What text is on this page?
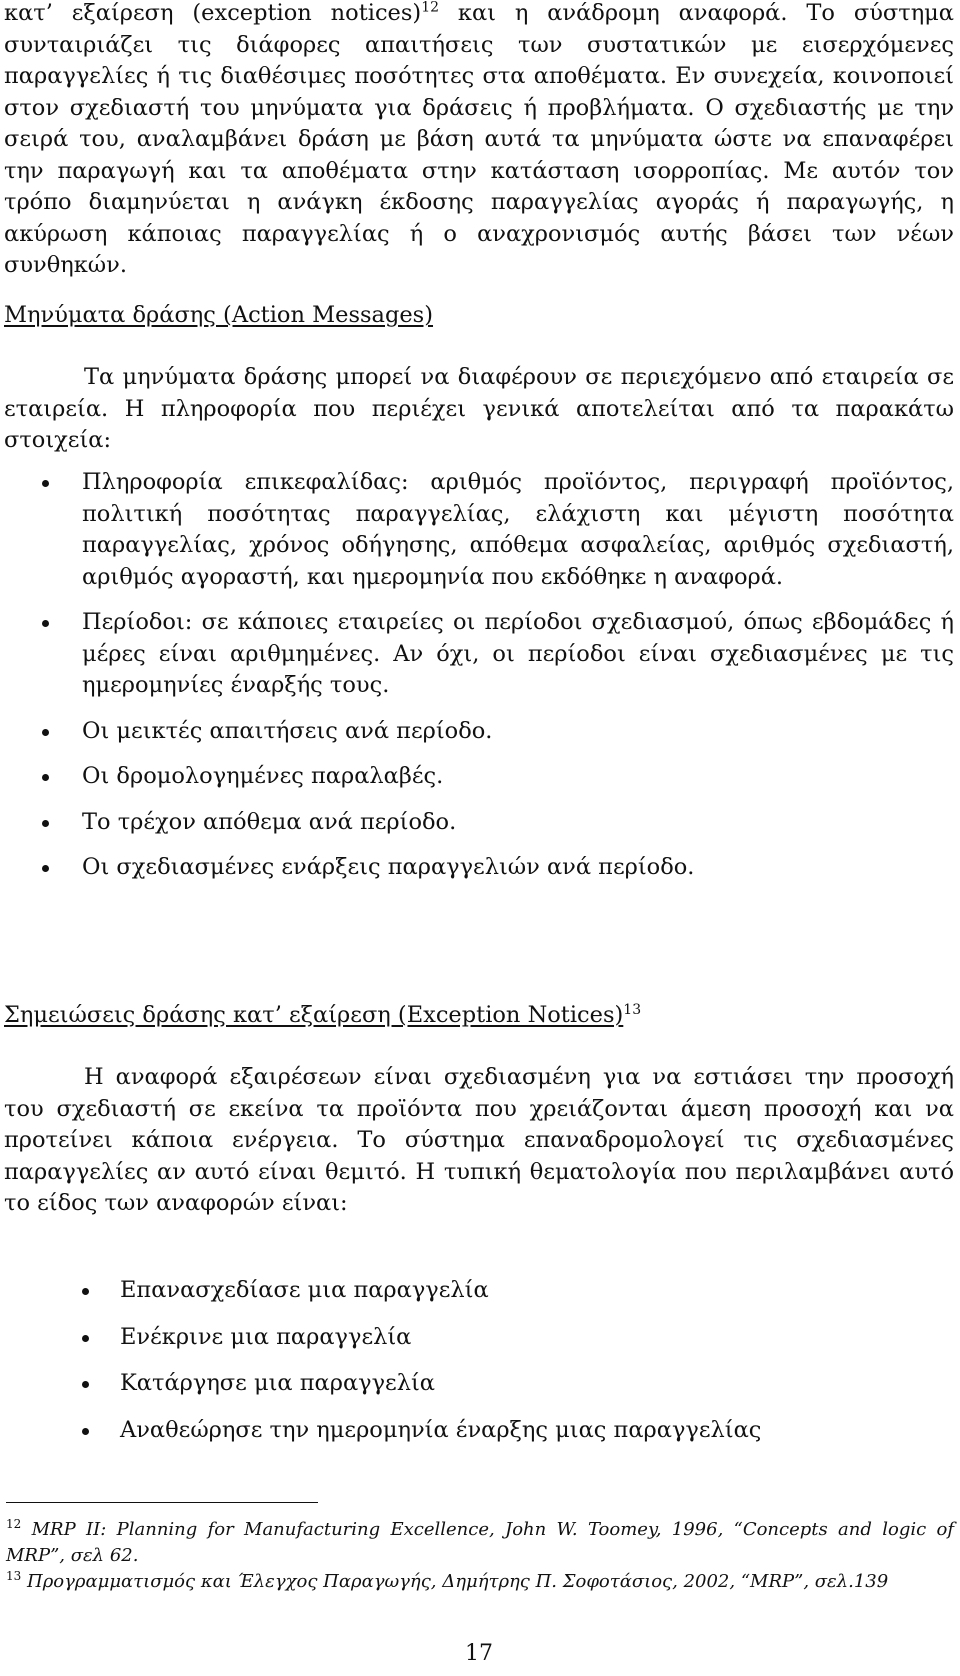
κατ’ εξαίρεση (exception notices)$^{12}$ και η ανάδρομη αναφορά. Το σύστημα συνταιριάζει τις διάφορες απαιτήσεις των συστατικών με εισερχόμενες παραγγελίες ή τις διαθέσιμες ποσότητες στα αποθέματα. Εν συνεχεία, κοινοποιεί στον σχεδιαστή του μηνύματα για δράσεις ή προβλήματα. Ο σχεδιαστής με την σειρά του, αναλαμβάνει δράση με βάση αυτά τα μηνύματα ώστε να επαναφέρει την παραγωγή και τα αποθέματα στην κατάσταση ισορροπίας. Με αυτόν τον τρόπο διαμηνύεται η ανάγκη έκδοσης παραγγελίας αγοράς ή παραγωγής, η ακύρωση κάποιας παραγγελίας ή ο αναχρονισμός αυτής βάσει των νέων συνθηκών.

Μηνύματα δράσης (Action Messages)

Τα μηνύματα δράσης μπορεί να διαφέρουν σε περιεχόμενο από εταιρεία σε εταιρεία. Η πληροφορία που περιέχει γενικά αποτελείται από τα παρακάτω στοιχεία:

Πληροφορία επικεφαλίδας: αριθμός προϊόντος, περιγραφή προϊόντος, πολιτική ποσότητας παραγγελίας, ελάχιστη και μέγιστη ποσότητα παραγγελίας, χρόνος οδήγησης, απόθεμα ασφαλείας, αριθμός σχεδιαστή, αριθμός αγοραστή, και ημερομηνία που εκδόθηκε η αναφορά.
Περίοδοι: σε κάποιες εταιρείες οι περίοδοι σχεδιασμού, όπως εβδομάδες ή μέρες είναι αριθμημένες. Αν όχι, οι περίοδοι είναι σχεδιασμένες με τις ημερομηνίες έναρξής τους.
Οι μεικτές απαιτήσεις ανά περίοδο.
Οι δρομολογημένες παραλαβές.
Το τρέχον απόθεμα ανά περίοδο.
Οι σχεδιασμένες ενάρξεις παραγγελιών ανά περίοδο.
Σημειώσεις δράσης κατ’ εξαίρεση (Exception Notices)$^{13}$

Η αναφορά εξαιρέσεων είναι σχεδιασμένη για να εστιάσει την προσοχή του σχεδιαστή σε εκείνα τα προϊόντα που χρειάζονται άμεση προσοχή και να προτείνει κάποια ενέργεια. Το σύστημα επαναδρομολογεί τις σχεδιασμένες παραγγελίες αν αυτό είναι θεμιτό. Η τυπική θεματολογία που περιλαμβάνει αυτό το είδος των αναφορών είναι:

Επανασχεδίασε μια παραγγελία
Ενέκρινε μια παραγγελία
Κατάργησε μια παραγγελία
Αναθεώρησε την ημερομηνία έναρξης μιας παραγγελίας

$^{12}$ MRP II: Planning for Manufacturing Excellence, John W. Toomey, 1996, “Concepts and logic of MRP”, σελ 62.

$^{13}$ Προγραμματισμός και Έλεγχος Παραγωγής, Δημήτρης Π. Σοφοτάσιος, 2002, “MRP”, σελ.139

17
